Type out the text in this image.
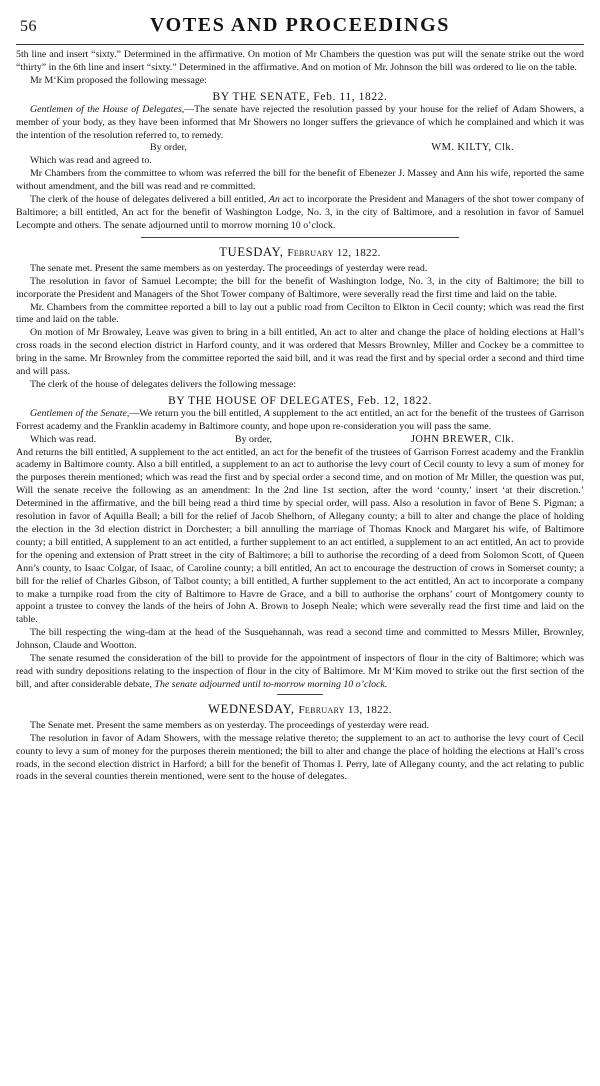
56	VOTES AND PROCEEDINGS

5th line and insert “sixty.” Determined in the affirmative. On motion of Mr Chambers the question was put will the senate strike out the word “thirty” in the 6th line and insert “sixty.” Determined in the affirmative. And on motion of Mr. Johnson the bill was ordered to lie on the table.

Mr M‘Kim proposed the following message:

BY THE SENATE, Feb. 11, 1822.

Gentlemen of the House of Delegates,—The senate have rejected the resolution passed by your house for the relief of Adam Showers, a member of your body, as they have been informed that Mr Showers no longer suffers the grievance of which he complained and which it was the intention of the resolution referred to, to remedy.

By order,	WM. KILTY, Clk.

Which was read and agreed to.

Mr Chambers from the committee to whom was referred the bill for the benefit of Ebenezer J. Massey and Ann his wife, reported the same without amendment, and the bill was read and re committed.

The clerk of the house of delegates delivered a bill entitled, An act to incorporate the President and Managers of the shot tower company of Baltimore; a bill entitled, An act for the benefit of Washington Lodge, No. 3, in the city of Baltimore, and a resolution in favor of Samuel Lecompte and others. The senate adjourned until to morrow morning 10 o’clock.

TUESDAY, February 12, 1822.

The senate met. Present the same members as on yesterday. The proceedings of yesterday were read.

The resolution in favor of Samuel Lecompte; the bill for the benefit of Washington lodge, No. 3, in the city of Baltimore; the bill to incorporate the President and Managers of the Shot Tower company of Baltimore, were severally read the first time and laid on the table.

Mr. Chambers from the committee reported a bill to lay out a public road from Cecilton to Elkton in Cecil county; which was read the first time and laid on the table.

On motion of Mr Browaley, Leave was given to bring in a bill entitled, An act to alter and change the place of holding elections at Hall’s cross roads in the second election district in Harford county, and it was ordered that Messrs Brownley, Miller and Cockey be a committee to bring in the same. Mr Brownley from the committee reported the said bill, and it was read the first and by special order a second and third time and will pass.

The clerk of the house of delegates delivers the following message:

BY THE HOUSE OF DELEGATES, Feb. 12, 1822.

Gentlemen of the Senate,—We return you the bill entitled, A supplement to the act entitled, an act for the benefit of the trustees of Garrison Forrest academy and the Franklin academy in Baltimore county, and hope upon re-consideration you will pass the same.

Which was read.	By order,	JOHN BREWER, Clk.

And returns the bill entitled, A supplement to the act entitled, an act for the benefit of the trustees of Garrison Forrest academy and the Franklin academy in Baltimore county. Also a bill entitled, a supplement to an act to authorise the levy court of Cecil county to levy a sum of money for the purposes therein mentioned; which was read the first and by special order a second time, and on motion of Mr Miller, the question was put, Will the senate receive the following as an amendment: In the 2nd line 1st section, after the word ‘county,’ insert ‘at their discretion.’ Determined in the affirmative, and the bill being read a third time by special order, will pass. Also a resolution in favor of Bene S. Pigman; a resolution in favor of Aquilla Beall; a bill for the relief of Jacob Shelhorn, of Allegany county; a bill to alter and change the place of holding the election in the 3d election district in Dorchester; a bill annulling the marriage of Thomas Knock and Margaret his wife, of Baltimore county; a bill entitled, A supplement to an act entitled, a further supplement to an act entitled, a supplement to an act entitled, An act to provide for the opening and extension of Pratt street in the city of Baltimore; a bill to authorise the recording of a deed from Solomon Scott, of Queen Ann’s county, to Isaac Colgar, of Isaac, of Caroline county; a bill entitled, An act to encourage the destruction of crows in Somerset county; a bill for the relief of Charles Gibson, of Talbot county; a bill entitled, A further supplement to the act entitled, An act to incorporate a company to make a turnpike road from the city of Baltimore to Havre de Grace, and a bill to authorise the orphans’ court of Montgomery county to appoint a trustee to convey the lands of the heirs of John A. Brown to Joseph Neale; which were severally read the first time and laid on the table.

The bill respecting the wing-dam at the head of the Susquehannah, was read a second time and committed to Messrs Miller, Brownley, Johnson, Claude and Wootton.

The senate resumed the consideration of the bill to provide for the appointment of inspectors of flour in the city of Baltimore; which was read with sundry depositions relating to the inspection of flour in the city of Baltimore. Mr M‘Kim moved to strike out the first section of the bill, and after considerable debate, The senate adjourned until to-morrow morning 10 o’clock.

WEDNESDAY, February 13, 1822.

The Senate met. Present the same members as on yesterday. The proceedings of yesterday were read.

The resolution in favor of Adam Showers, with the message relative thereto; the supplement to an act to authorise the levy court of Cecil county to levy a sum of money for the purposes therein mentioned; the bill to alter and change the place of holding the elections at Hall’s cross roads, in the second election district in Harford; a bill for the benefit of Thomas I. Perry, late of Allegany county, and the act relating to public roads in the several counties therein mentioned, were sent to the house of delegates.
